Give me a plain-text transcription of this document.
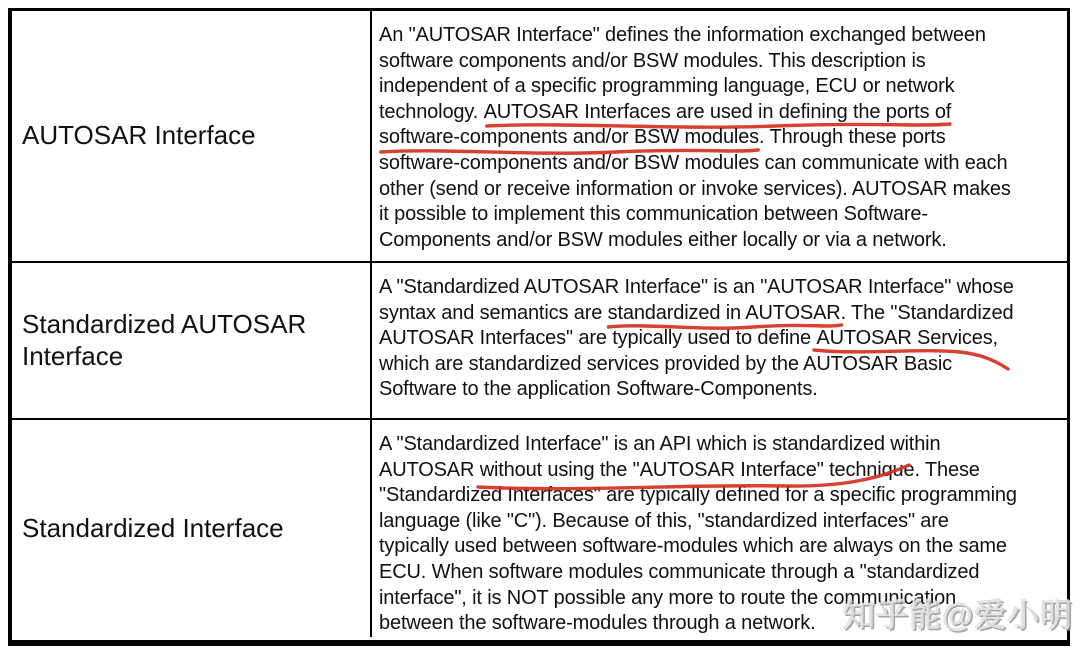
AUTOSAR Interface
An "AUTOSAR Interface" defines the information exchanged between
software components and/or BSW modules. This description is
independent of a specific programming language, ECU or network
technology. AUTOSAR Interfaces are used in defining the ports of
software-components and/or BSW modules
. Through these ports
software-components and/or BSW modules can communicate with each
other (send or receive information or invoke services). AUTOSAR makes
it possible to implement this communication between Software-
Components and/or BSW modules either locally or via a network.
Standardized AUTOSAR Interface
A "Standardized AUTOSAR Interface" is an "AUTOSAR Interface" whose
syntax and semantics are standardized in AUTOSAR
. The "Standardized
AUTOSAR Interfaces" are typically used to define AUTOSAR Services,
which are standardized services provided by the AUTOSAR Basic
Software to the application Software-Components.
Standardized Interface
A "Standardized Interface" is an API which is standardized within
AUTOSAR without using the "AUTOSAR Interface" technique
. These
"Standardized Interfaces" are typically defined for a specific programming
language (like "C"). Because of this, "standardized interfaces" are
typically used between software-modules which are always on the same
ECU. When software modules communicate through a "standardized
interface", it is NOT possible any more to route the communication
between the software-modules through a network. 知乎能@爱小明
